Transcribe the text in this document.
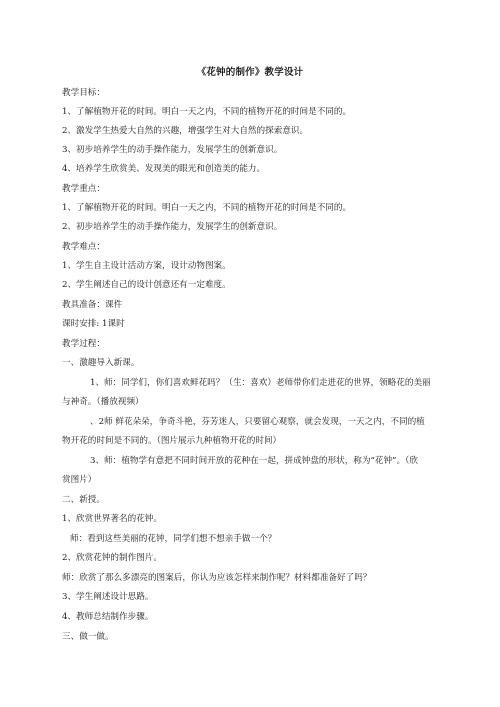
《花钟的制作》教学设计
教学目标：
1、了解植物开花的时间。明白一天之内，不同的植物开花的时间是不同的。
2、激发学生热爱大自然的兴趣，增强学生对大自然的探索意识。
3、初步培养学生的动手操作能力，发展学生的创新意识。
4、培养学生欣赏美、发现美的眼光和创造美的能力。
教学重点：
1、了解植物开花的时间。明白一天之内，不同的植物开花的时间是不同的。
2、初步培养学生的动手操作能力，发展学生的创新意识。
教学难点：
1、学生自主设计活动方案，设计动物图案。
2、学生阐述自己的设计创意还有一定难度。
教具准备：课件
课时安排: 1课时
教学过程：
一、激趣导入新课。
1、师：同学们，你们喜欢鲜花吗？（生：喜欢）老师带你们走进花的世界，领略花的美丽
与神奇。（播放视频）
、2师 鲜花朵朵，争奇斗艳，芬芳迷人，只要留心观察，就会发现，一天之内，不同的植
物开花的时间是不同的。（图片展示九种植物开花的时间）
3、师：植物学有意把不同时间开放的花种在一起，拼成钟盘的形状，称为“花钟”。（欣
赏图片）
二、新授。
1、欣赏世界著名的花钟。
师：看到这些美丽的花钟，同学们想不想亲手做一个？
2、欣赏花钟的制作图片。
师：欣赏了那么多漂亮的图案后，你认为应该怎样来制作呢？材料都准备好了吗？
3、学生阐述设计思路。
4、教师总结制作步骤。
三、做一做。
